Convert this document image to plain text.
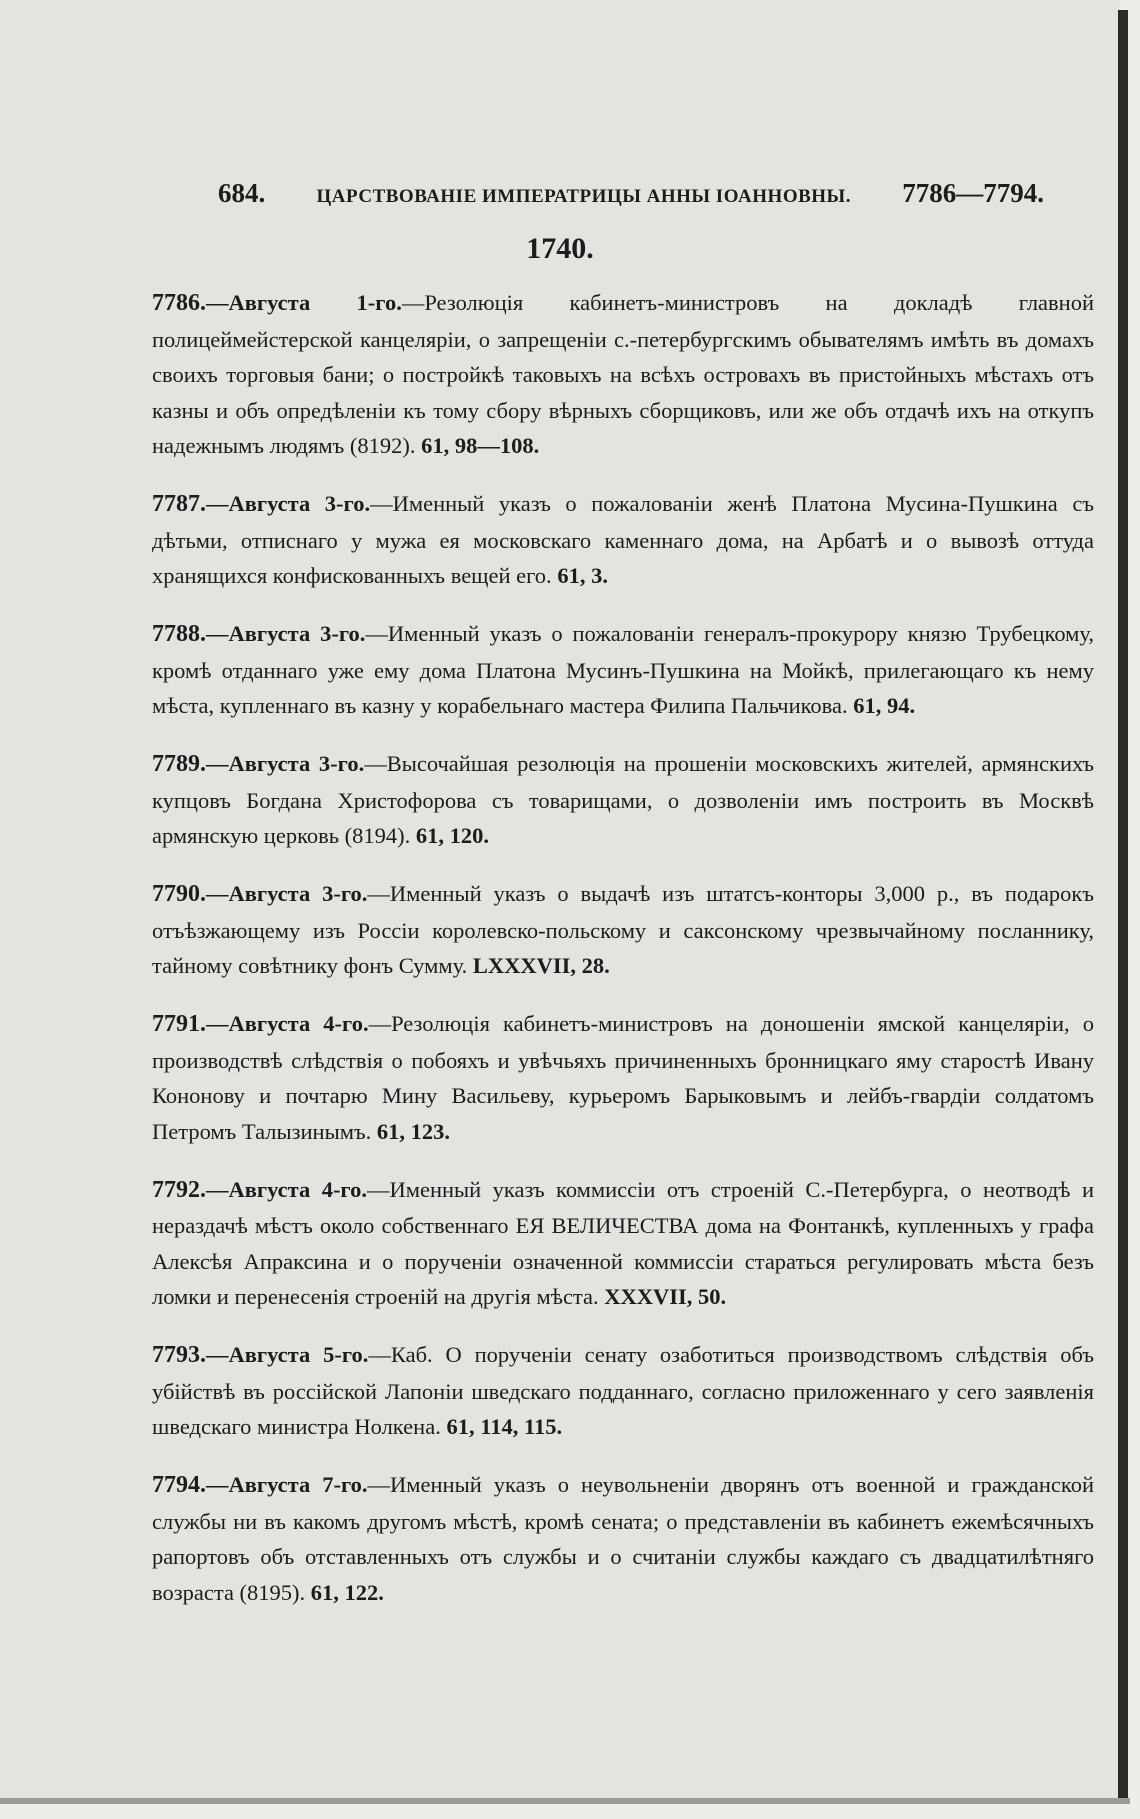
684.	ЦАРСТВОВАНІЕ ИМПЕРАТРИЦЫ АННЫ ІОАННОВНЫ. 7786—7794.
1740.

7786.—Августа 1-го.—Резолюція кабинетъ-министровъ на докладѣ главной полицеймейстерской канцеляріи, о запрещеніи с.-петербургскимъ обывателямъ имѣть въ домахъ своихъ торговыя бани; о постройкѣ таковыхъ на всѣхъ островахъ въ пристойныхъ мѣстахъ отъ казны и объ опредѣленіи къ тому сбору вѣрныхъ сборщиковъ, или же объ отдачѣ ихъ на откупъ надежнымъ людямъ (8192). 61, 98—108.

7787.—Августа 3-го.—Именный указъ о пожалованіи женѣ Платона Мусина-Пушкина съ дѣтьми, отписнаго у мужа ея московскаго каменнаго дома, на Арбатѣ и о вывозѣ оттуда хранящихся конфискованныхъ вещей его. 61, 3.

7788.—Августа 3-го.—Именный указъ о пожалованіи генералъ-прокурору князю Трубецкому, кромѣ отданнаго уже ему дома Платона Мусинъ-Пушкина на Мойкѣ, прилегающаго къ нему мѣста, купленнаго въ казну у корабельнаго мастера Филипа Пальчикова. 61, 94.

7789.—Августа 3-го.—Высочайшая резолюція на прошеніи московскихъ жителей, армянскихъ купцовъ Богдана Христофорова съ товарищами, о дозволеніи имъ построить въ Москвѣ армянскую церковь (8194). 61, 120.

7790.—Августа 3-го.—Именный указъ о выдачѣ изъ штатсъ-конторы 3,000 р., въ подарокъ отъѣзжающему изъ Россіи королевско-польскому и саксонскому чрезвычайному посланнику, тайному совѣтнику фонъ Сумму. LXXXVII, 28.

7791.—Августа 4-го.—Резолюція кабинетъ-министровъ на доношеніи ямской канцеляріи, о производствѣ слѣдствія о побояхъ и увѣчьяхъ причиненныхъ бронницкаго яму старостѣ Ивану Кононову и почтарю Мину Васильеву, курьеромъ Барыковымъ и лейбъ-гвардіи солдатомъ Петромъ Талызинымъ. 61, 123.

7792.—Августа 4-го.—Именный указъ коммиссіи отъ строеній С.-Петербурга, о неотводѣ и нераздачѣ мѣстъ около собственнаго ЕЯ ВЕЛИЧЕСТВА дома на Фонтанкѣ, купленныхъ у графа Алексѣя Апраксина и о порученіи означенной коммиссіи стараться регулировать мѣста безъ ломки и перенесенія строеній на другія мѣста. XXXVII, 50.

7793.—Августа 5-го.—Каб. О порученіи сенату озаботиться производствомъ слѣдствія объ убійствѣ въ россійской Лапоніи шведскаго подданнаго, согласно приложеннаго у сего заявленія шведскаго министра Нолкена. 61, 114, 115.

7794.—Августа 7-го.—Именный указъ о неувольненіи дворянъ отъ военной и гражданской службы ни въ какомъ другомъ мѣстѣ, кромѣ сената; о представленіи въ кабинетъ ежемѣсячныхъ рапортовъ объ отставленныхъ отъ службы и о считаніи службы каждаго съ двадцатилѣтняго возраста (8195). 61, 122.
